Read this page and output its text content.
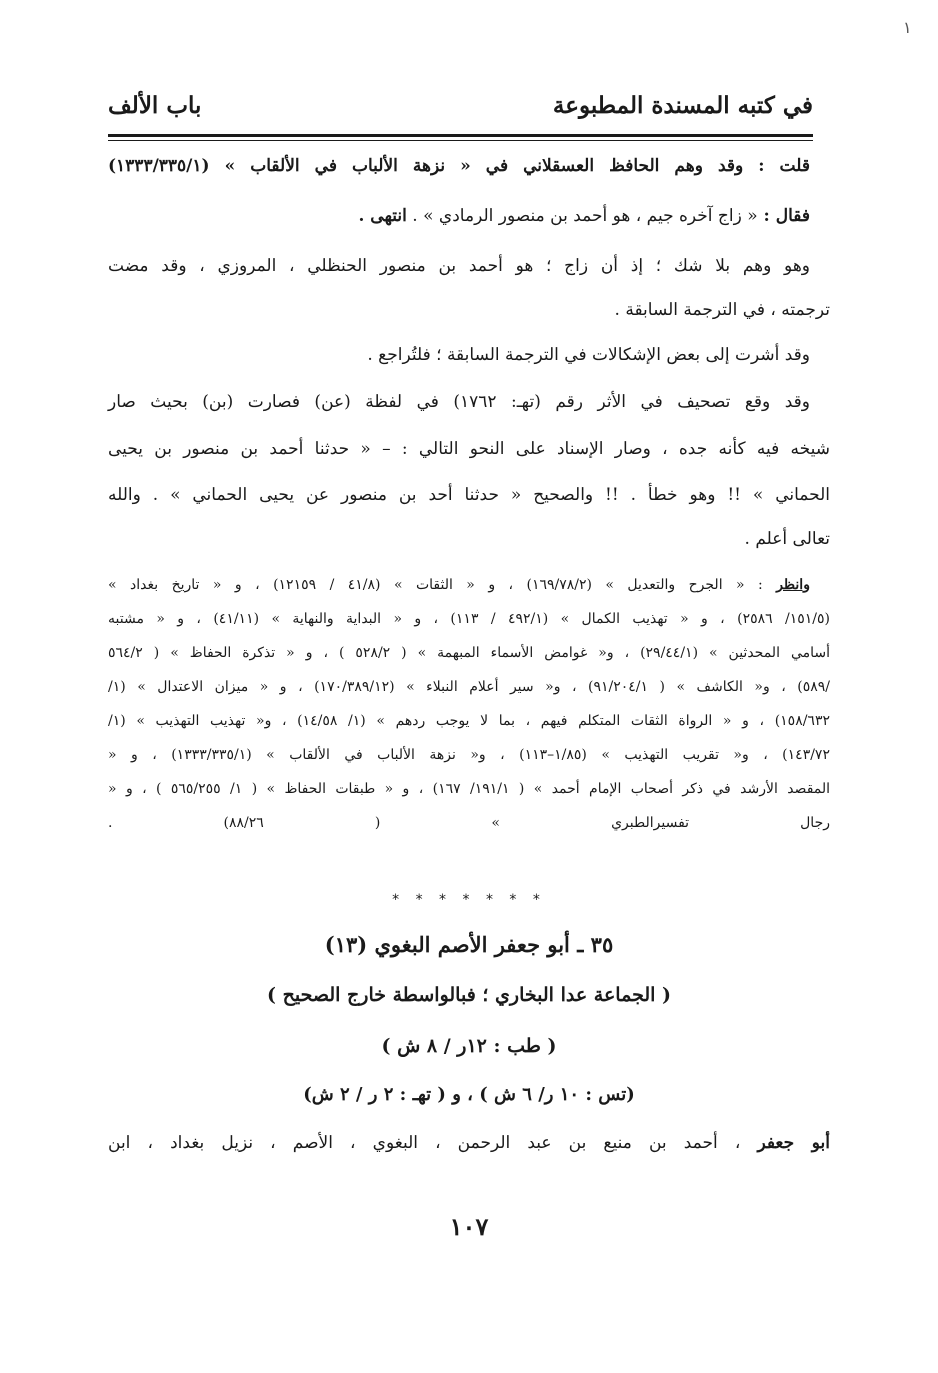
١
في كتبه المسندة المطبوعة
باب الألف
قلت : وقد وهم الحافظ العسقلاني في « نزهة الألباب في الألقاب » (١٣٣٣/٣٣٥/١)
فقال : « زاج آخره جيم ، هو أحمد بن منصور الرمادي » . انتهى .
وهو وهم بلا شك ؛ إذ أن زاج ؛ هو أحمد بن منصور الحنظلي ، المروزي ، وقد مضت
ترجمته ، في الترجمة السابقة .
وقد أشرت إلى بعض الإشكالات في الترجمة السابقة ؛ فلتُراجع .
وقد وقع تصحيف في الأثر رقم (تهـ: ١٧٦٢) في لفظة (عن) فصارت (بن) بحيث صار
شيخه فيه كأنه جده ، وصار الإسناد على النحو التالي : – « حدثنا أحمد بن منصور بن يحيى
الحماني » !! وهو خطأ . !! والصحيح « حدثنا أحد بن منصور عن يحيى الحماني » . والله
تعالى أعلم .
وانظر : « الجرح والتعديل » (١٦٩/٧٨/٢) ، و « الثقات » (٤١/٨ / ١٢١٥٩) ، و « تاريخ بغداد »
(١٥١/٥/ ٢٥٨٦) ، و « تهذيب الكمال » (٤٩٢/١ / ١١٣) ، و « البداية والنهاية » (٤١/١١) ، و « مشتبه
أسامي المحدثين » (٢٩/٤٤/١) ، و« غوامض الأسماء المبهمة » ( ٥٢٨/٢ ) ، و « تذكرة الحفاظ » ( ٥٦٤/٢
/٥٨٩) ، و« الكاشف » ( ٩١/٢٠٤/١) ، و« سير أعلام النبلاء » (١٧٠/٣٨٩/١٢) ، و « ميزان الاعتدال » (١/
١٥٨/٦٣٢) ، و « الرواة الثقات المتكلم فيهم ، بما لا يوجب ردهم » (١/ ١٤/٥٨) ، و« تهذيب التهذيب » (١/
١٤٣/٧٢) ، و« تقريب التهذيب » (١/٨٥–١١٣) ، و« نزهة الألباب في الألقاب » (١٣٣٣/٣٣٥/١) ، و «
المقصد الأرشد في ذكر أصحاب الإمام أحمد » ( ١٩١/١/ ١٦٧) ، و « طبقات الحفاظ » ( ١/ ٥٦٥/٢٥٥ ) ، و «
رجال تفسيرالطبري » ( ٨٨/٢٦) .
* * * * * * *
٣٥ ـ أبو جعفر الأصم البغوي (١٣)
( الجماعة عدا البخاري ؛ فبالواسطة خارج الصحيح )
( طب : ١٢ر / ٨ ش )
(تس : ١٠ ر/ ٦ ش ) ، و ( تهـ : ٢ ر / ٢ ش)
أبو جعفر ، أحمد بن منيع بن عبد الرحمن ، البغوي ، الأصم ، نزيل بغداد ، ابن
١٠٧
